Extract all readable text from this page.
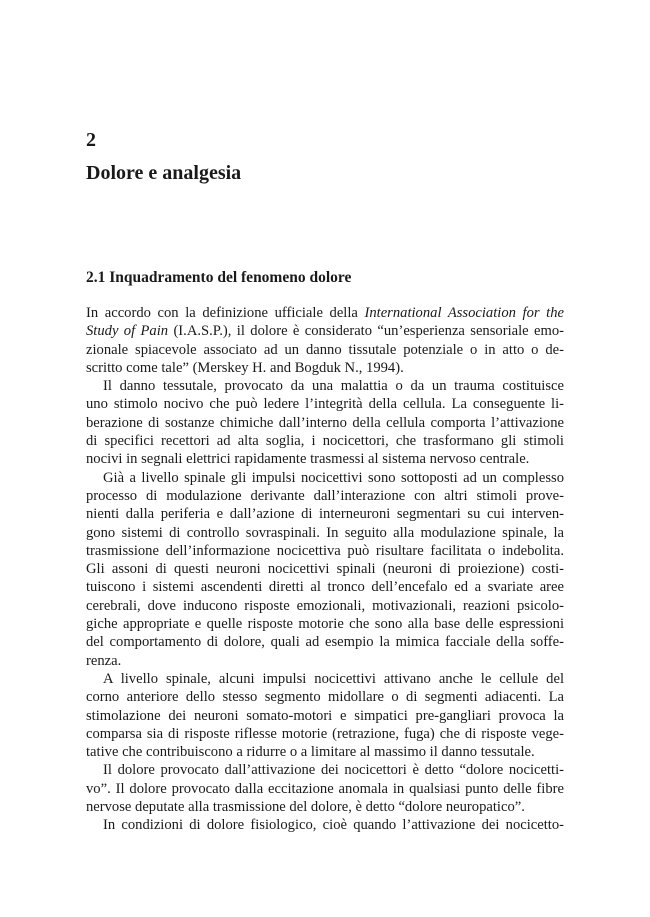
2
Dolore e analgesia
2.1 Inquadramento del fenomeno dolore
In accordo con la definizione ufficiale della International Association for the
Study of Pain (I.A.S.P.), il dolore è considerato “un’esperienza sensoriale emo-
zionale spiacevole associato ad un danno tissutale potenziale o in atto o de-
scritto come tale” (Merskey H. and Bogduk N., 1994).
Il danno tessutale, provocato da una malattia o da un trauma costituisce
uno stimolo nocivo che può ledere l’integrità della cellula. La conseguente li-
berazione di sostanze chimiche dall’interno della cellula comporta l’attivazione
di specifici recettori ad alta soglia, i nocicettori, che trasformano gli stimoli
nocivi in segnali elettrici rapidamente trasmessi al sistema nervoso centrale.
Già a livello spinale gli impulsi nocicettivi sono sottoposti ad un complesso
processo di modulazione derivante dall’interazione con altri stimoli prove-
nienti dalla periferia e dall’azione di interneuroni segmentari su cui interven-
gono sistemi di controllo sovraspinali. In seguito alla modulazione spinale, la
trasmissione dell’informazione nocicettiva può risultare facilitata o indebolita.
Gli assoni di questi neuroni nocicettivi spinali (neuroni di proiezione) costi-
tuiscono i sistemi ascendenti diretti al tronco dell’encefalo ed a svariate aree
cerebrali, dove inducono risposte emozionali, motivazionali, reazioni psicolo-
giche appropriate e quelle risposte motorie che sono alla base delle espressioni
del comportamento di dolore, quali ad esempio la mimica facciale della soffe-
renza.
A livello spinale, alcuni impulsi nocicettivi attivano anche le cellule del
corno anteriore dello stesso segmento midollare o di segmenti adiacenti. La
stimolazione dei neuroni somato-motori e simpatici pre-gangliari provoca la
comparsa sia di risposte riflesse motorie (retrazione, fuga) che di risposte vege-
tative che contribuiscono a ridurre o a limitare al massimo il danno tessutale.
Il dolore provocato dall’attivazione dei nocicettori è detto “dolore nocicetti-
vo”. Il dolore provocato dalla eccitazione anomala in qualsiasi punto delle fibre
nervose deputate alla trasmissione del dolore, è detto “dolore neuropatico”.
In condizioni di dolore fisiologico, cioè quando l’attivazione dei nocicetto-
